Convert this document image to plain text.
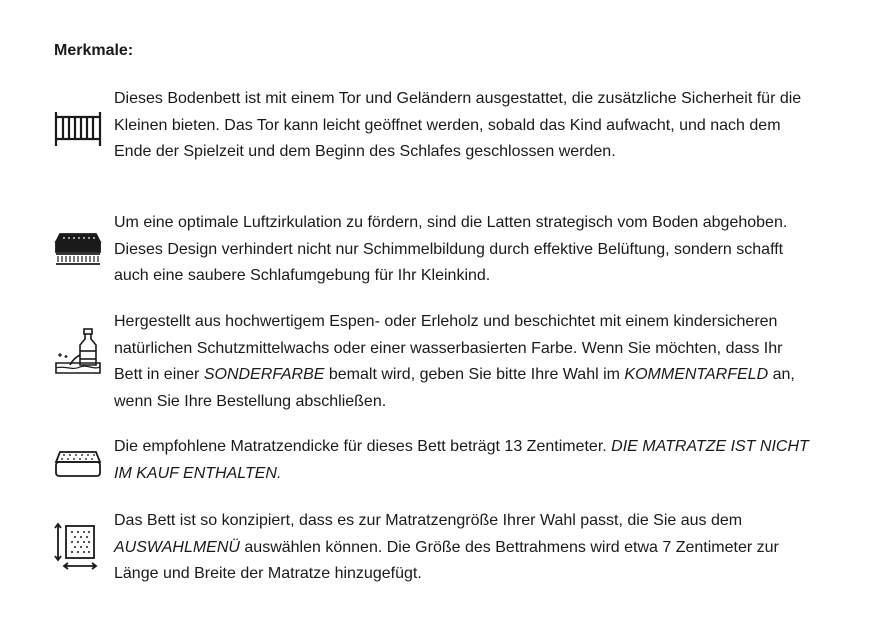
Merkmale:
Dieses Bodenbett ist mit einem Tor und Geländern ausgestattet, die zusätzliche Sicherheit für die Kleinen bieten. Das Tor kann leicht geöffnet werden, sobald das Kind aufwacht, und nach dem Ende der Spielzeit und dem Beginn des Schlafes geschlossen werden.
Um eine optimale Luftzirkulation zu fördern, sind die Latten strategisch vom Boden abgehoben. Dieses Design verhindert nicht nur Schimmelbildung durch effektive Belüftung, sondern schafft auch eine saubere Schlafumgebung für Ihr Kleinkind.
Hergestellt aus hochwertigem Espen- oder Erleholz und beschichtet mit einem kindersicheren natürlichen Schutzmittelwachs oder einer wasserbasierten Farbe. Wenn Sie möchten, dass Ihr Bett in einer SONDERFARBE bemalt wird, geben Sie bitte Ihre Wahl im KOMMENTARFELD an, wenn Sie Ihre Bestellung abschließen.
Die empfohlene Matratzendicke für dieses Bett beträgt 13 Zentimeter. DIE MATRATZE IST NICHT IM KAUF ENTHALTEN.
Das Bett ist so konzipiert, dass es zur Matratzengröße Ihrer Wahl passt, die Sie aus dem AUSWAHLMENÜ auswählen können. Die Größe des Bettrahmens wird etwa 7 Zentimeter zur Länge und Breite der Matratze hinzugefügt.
